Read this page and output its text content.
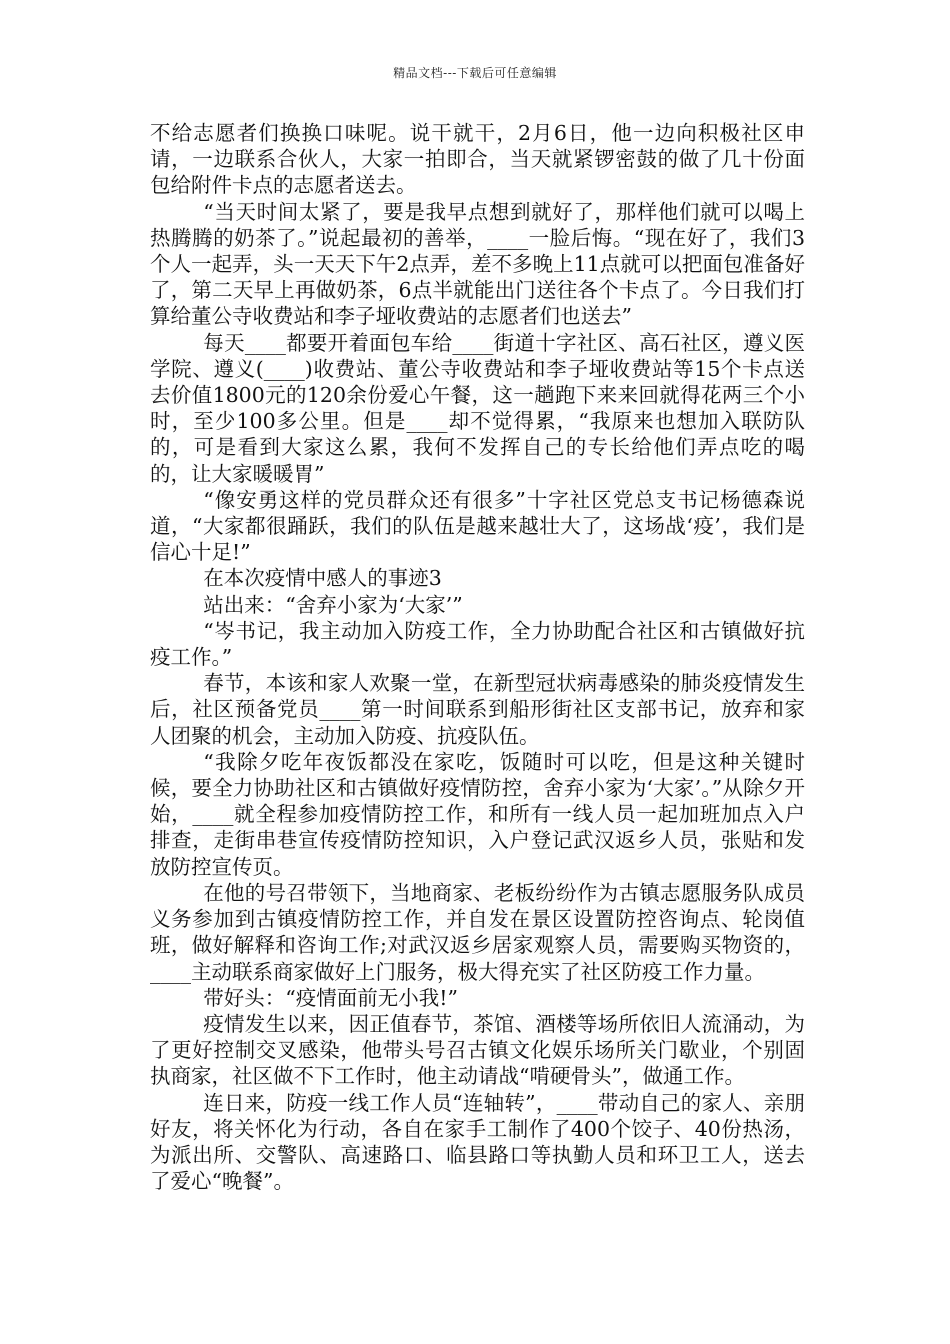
精品文档---下载后可任意编辑

不给志愿者们换换口味呢。说干就干，2月6日，他一边向积极社区申请，一边联系合伙人，大家一拍即合，当天就紧锣密鼓的做了几十份面包给附件卡点的志愿者送去。

“当天时间太紧了，要是我早点想到就好了，那样他们就可以喝上热腾腾的奶茶了。”说起最初的善举，____一脸后悔。“现在好了，我们3个人一起弄，头一天天下午2点弄，差不多晚上11点就可以把面包准备好了，第二天早上再做奶茶，6点半就能出门送往各个卡点了。今日我们打算给董公寺收费站和李子垭收费站的志愿者们也送去”

每天____都要开着面包车给____街道十字社区、高石社区，遵义医学院、遵义(____)收费站、董公寺收费站和李子垭收费站等15个卡点送去价值1800元的120余份爱心午餐，这一趟跑下来来回就得花两三个小时，至少100多公里。但是____却不觉得累，“我原来也想加入联防队的，可是看到大家这么累，我何不发挥自己的专长给他们弄点吃的喝的，让大家暖暖胃”

“像安勇这样的党员群众还有很多”十字社区党总支书记杨德森说道，“大家都很踊跃，我们的队伍是越来越壮大了，这场战‘疫’，我们是信心十足!”

在本次疫情中感人的事迹3

站出来：“舍弃小家为‘大家’”

“岑书记，我主动加入防疫工作，全力协助配合社区和古镇做好抗疫工作。”

春节，本该和家人欢聚一堂，在新型冠状病毒感染的肺炎疫情发生后，社区预备党员____第一时间联系到船形街社区支部书记，放弃和家人团聚的机会，主动加入防疫、抗疫队伍。

“我除夕吃年夜饭都没在家吃，饭随时可以吃，但是这种关键时候，要全力协助社区和古镇做好疫情防控，舍弃小家为‘大家’。”从除夕开始，____就全程参加疫情防控工作，和所有一线人员一起加班加点入户排查，走街串巷宣传疫情防控知识，入户登记武汉返乡人员，张贴和发放防控宣传页。

在他的号召带领下，当地商家、老板纷纷作为古镇志愿服务队成员义务参加到古镇疫情防控工作，并自发在景区设置防控咨询点、轮岗值班，做好解释和咨询工作;对武汉返乡居家观察人员，需要购买物资的，____主动联系商家做好上门服务，极大得充实了社区防疫工作力量。

带好头：“疫情面前无小我!”

疫情发生以来，因正值春节，茶馆、酒楼等场所依旧人流涌动，为了更好控制交叉感染，他带头号召古镇文化娱乐场所关门歇业，个别固执商家，社区做不下工作时，他主动请战“啃硬骨头”，做通工作。

连日来，防疫一线工作人员“连轴转”，____带动自己的家人、亲朋好友，将关怀化为行动，各自在家手工制作了400个饺子、40份热汤，为派出所、交警队、高速路口、临县路口等执勤人员和环卫工人，送去了爱心“晚餐”。
